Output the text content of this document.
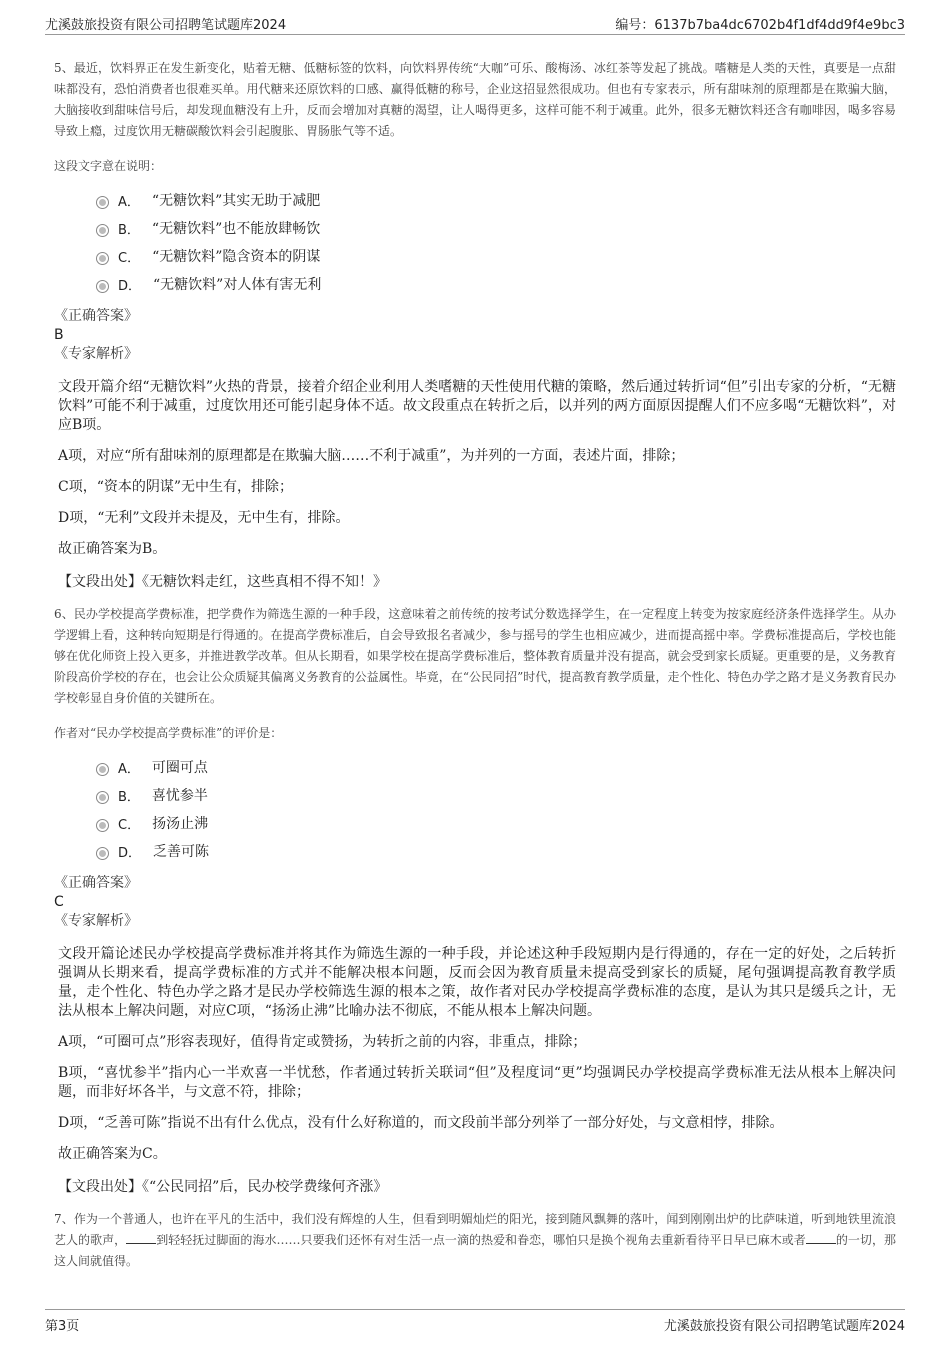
尤溪鼓旅投资有限公司招聘笔试题库2024	编号：6137b7ba4dc6702b4f1df4dd9f4e9bc3

5、最近，饮料界正在发生新变化，贴着无糖、低糖标签的饮料，向饮料界传统“大咖”可乐、酸梅汤、冰红茶等发起了挑战。嗜糖是人类的天性，真要是一点甜味都没有，恐怕消费者也很难买单。用代糖来还原饮料的口感、赢得低糖的称号，企业这招显然很成功。但也有专家表示，所有甜味剂的原理都是在欺骗大脑，大脑接收到甜味信号后，却发现血糖没有上升，反而会增加对真糖的渴望，让人喝得更多，这样可能不利于减重。此外，很多无糖饮料还含有咖啡因，喝多容易导致上瘾，过度饮用无糖碳酸饮料会引起腹胀、胃肠胀气等不适。

这段文字意在说明：

A． “无糖饮料”其实无助于减肥
B． “无糖饮料”也不能放肆畅饮
C． “无糖饮料”隐含资本的阴谋
D． “无糖饮料”对人体有害无利

《正确答案》

B

《专家解析》

文段开篇介绍“无糖饮料”火热的背景，接着介绍企业利用人类嗜糖的天性使用代糖的策略，然后通过转折词“但”引出专家的分析，“无糖饮料”可能不利于减重，过度饮用还可能引起身体不适。故文段重点在转折之后，以并列的两方面原因提醒人们不应多喝“无糖饮料”，对应B项。

A项，对应“所有甜味剂的原理都是在欺骗大脑……不利于减重”，为并列的一方面，表述片面，排除；

C项，“资本的阴谋”无中生有，排除；

D项，“无利”文段并未提及，无中生有，排除。

故正确答案为B。

【文段出处】《无糖饮料走红，这些真相不得不知！》

6、民办学校提高学费标准，把学费作为筛选生源的一种手段，这意味着之前传统的按考试分数选择学生，在一定程度上转变为按家庭经济条件选择学生。从办学逻辑上看，这种转向短期是行得通的。在提高学费标准后，自会导致报名者减少，参与摇号的学生也相应减少，进而提高摇中率。学费标准提高后，学校也能够在优化师资上投入更多，并推进教学改革。但从长期看，如果学校在提高学费标准后，整体教育质量并没有提高，就会受到家长质疑。更重要的是，义务教育阶段高价学校的存在，也会让公众质疑其偏离义务教育的公益属性。毕竟，在“公民同招”时代，提高教育教学质量，走个性化、特色办学之路才是义务教育民办学校彰显自身价值的关键所在。

作者对“民办学校提高学费标准”的评价是：

A． 可圈可点
B． 喜忧参半
C． 扬汤止沸
D． 乏善可陈

《正确答案》

C

《专家解析》

文段开篇论述民办学校提高学费标准并将其作为筛选生源的一种手段，并论述这种手段短期内是行得通的，存在一定的好处，之后转折强调从长期来看，提高学费标准的方式并不能解决根本问题，反而会因为教育质量未提高受到家长的质疑，尾句强调提高教育教学质量，走个性化、特色办学之路才是民办学校筛选生源的根本之策，故作者对民办学校提高学费标准的态度，是认为其只是缓兵之计，无法从根本上解决问题，对应C项，“扬汤止沸”比喻办法不彻底，不能从根本上解决问题。

A项，“可圈可点”形容表现好，值得肯定或赞扬，为转折之前的内容，非重点，排除；

B项，“喜忧参半”指内心一半欢喜一半忧愁，作者通过转折关联词“但”及程度词“更”均强调民办学校提高学费标准无法从根本上解决问题，而非好坏各半，与文意不符，排除；

D项，“乏善可陈”指说不出有什么优点，没有什么好称道的，而文段前半部分列举了一部分好处，与文意相悖，排除。

故正确答案为C。

【文段出处】《“公民同招”后，民办校学费缘何齐涨》

7、作为一个普通人，也许在平凡的生活中，我们没有辉煌的人生，但看到明媚灿烂的阳光，接到随风飘舞的落叶，闻到刚刚出炉的比萨味道，听到地铁里流浪艺人的歌声，	到轻轻抚过脚面的海水……只要我们还怀有对生活一点一滴的热爱和眷恋，哪怕只是换个视角去重新看待平日早已麻木或者	的一切，那这人间就值得。

第3页	尤溪鼓旅投资有限公司招聘笔试题库2024
